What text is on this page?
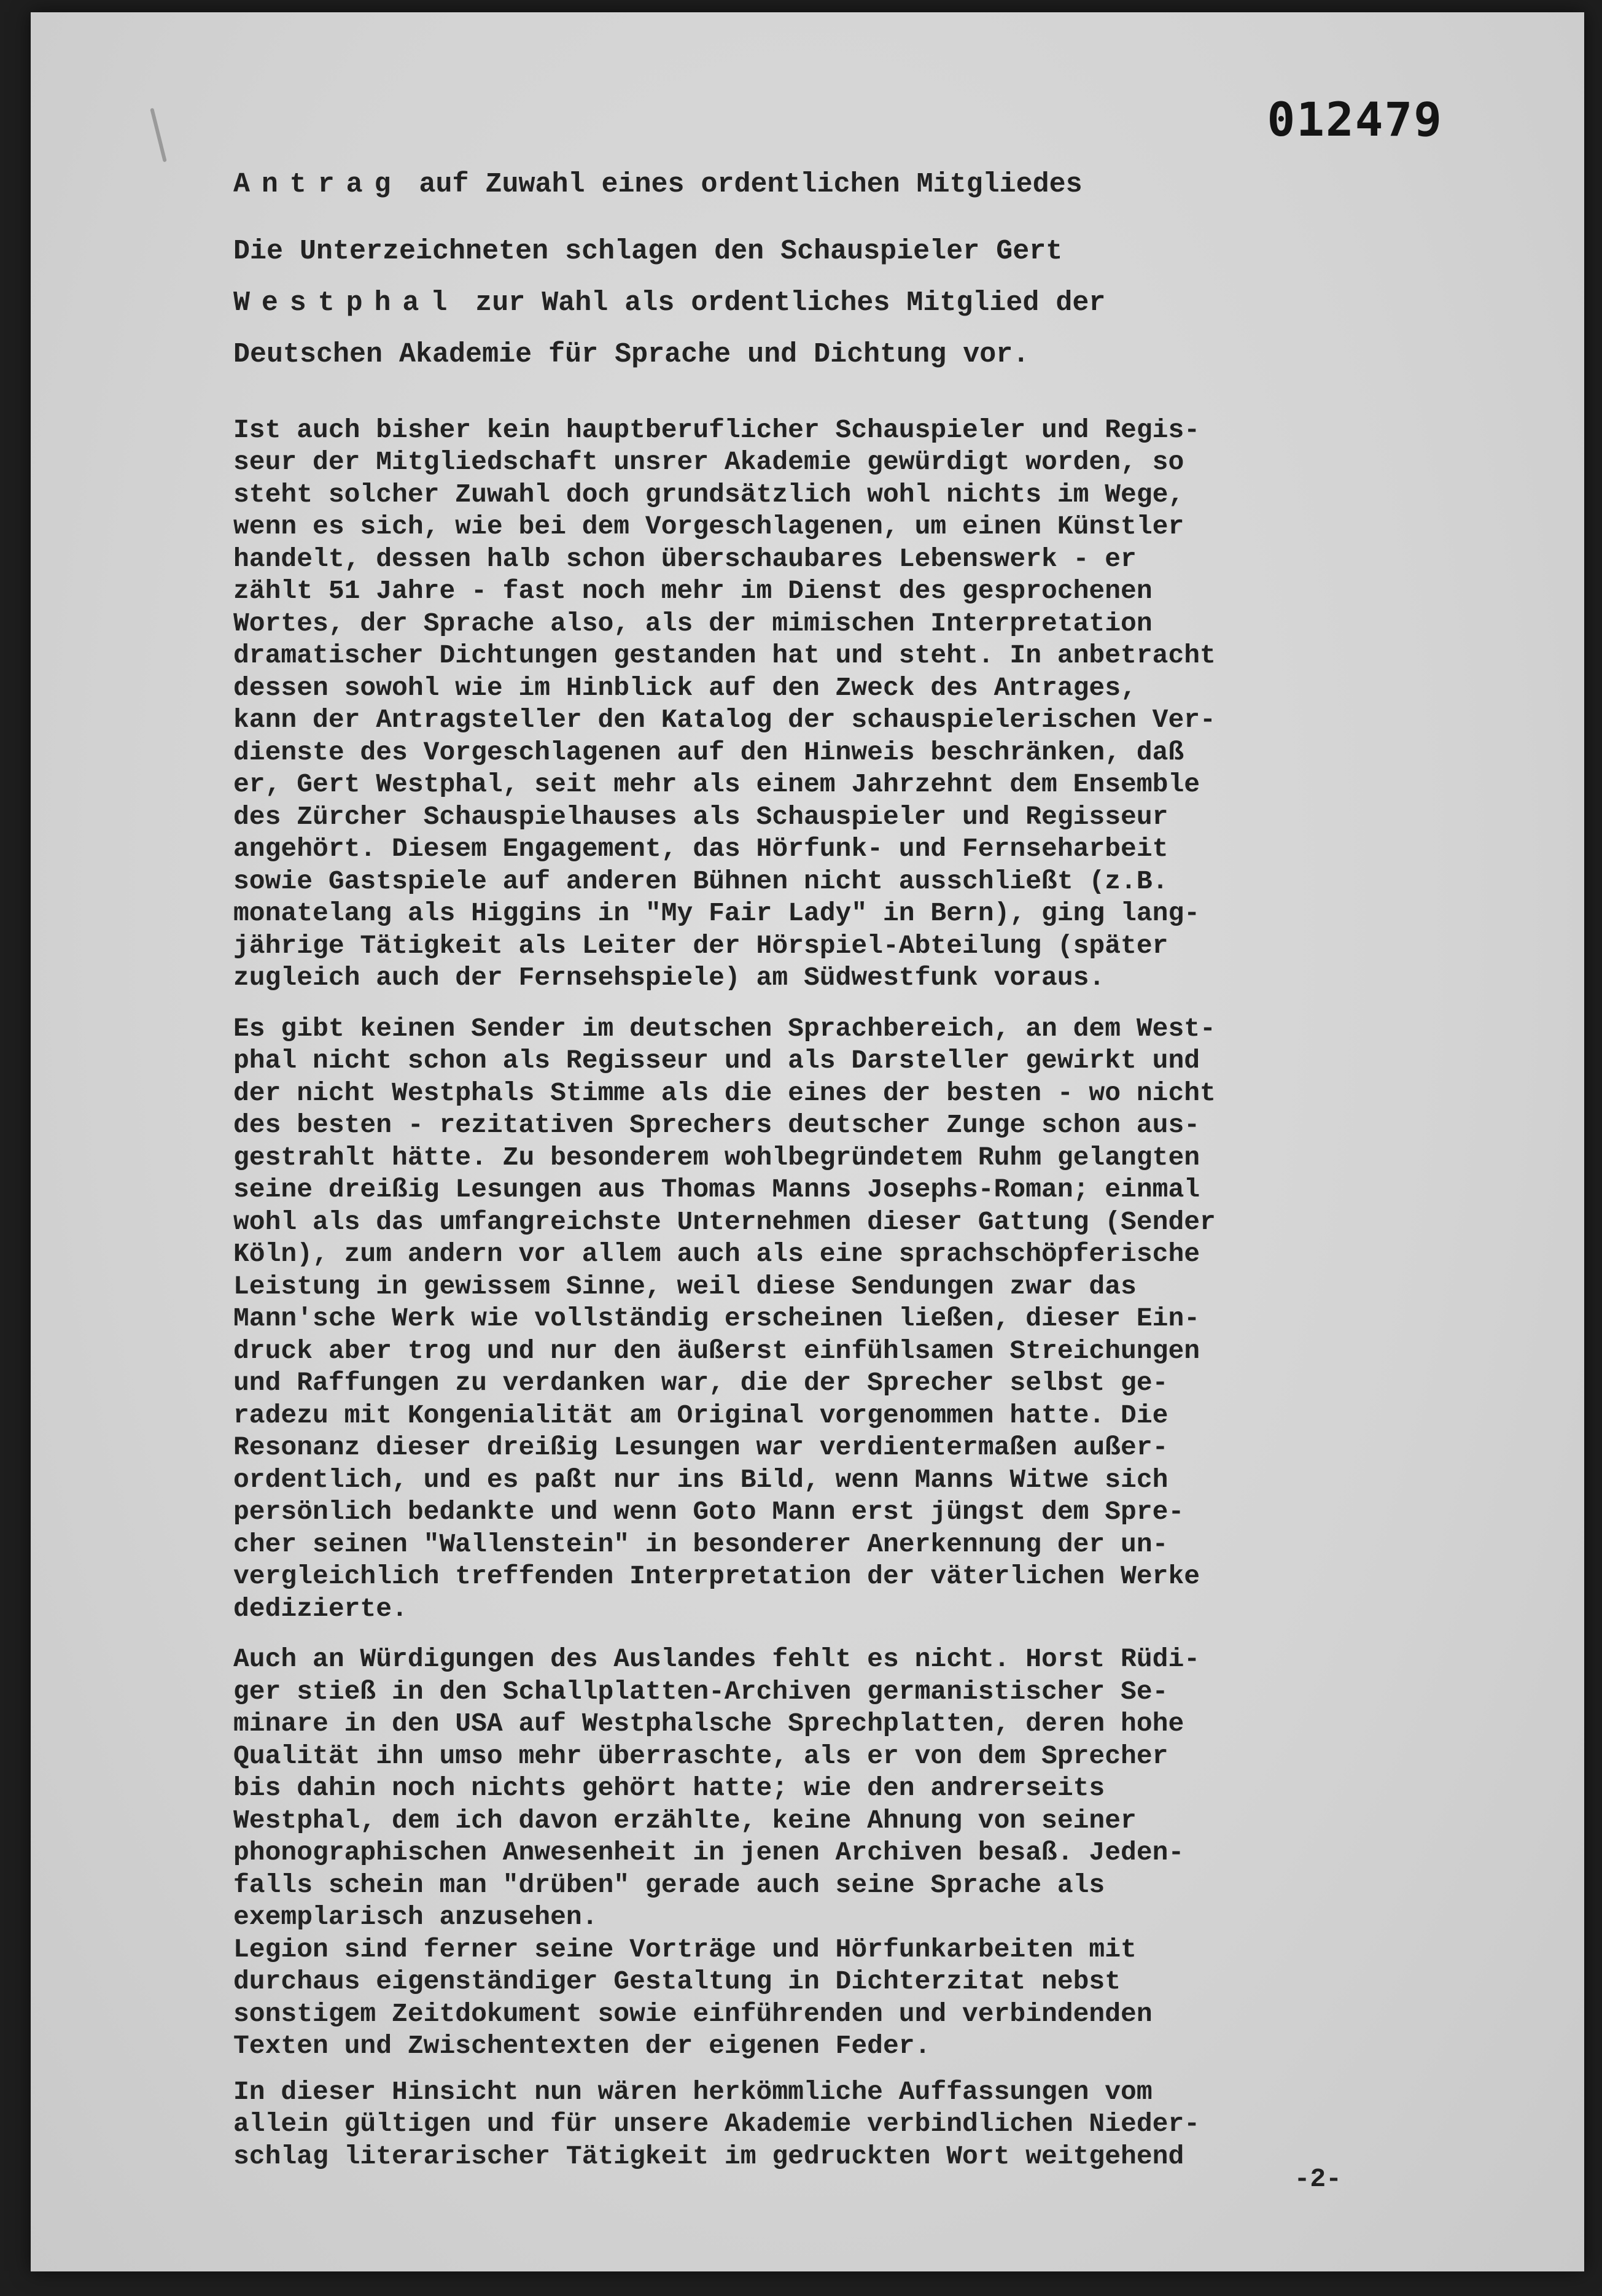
012479
Antrag auf Zuwahl eines ordentlichen Mitgliedes
Die Unterzeichneten schlagen den Schauspieler Gert
Westphal zur Wahl als ordentliches Mitglied der
Deutschen Akademie für Sprache und Dichtung vor.
Ist auch bisher kein hauptberuflicher Schauspieler und Regis-
seur der Mitgliedschaft unsrer Akademie gewürdigt worden, so
steht solcher Zuwahl doch grundsätzlich wohl nichts im Wege,
wenn es sich, wie bei dem Vorgeschlagenen, um einen Künstler
handelt, dessen halb schon überschaubares Lebenswerk - er
zählt 51 Jahre - fast noch mehr im Dienst des gesprochenen
Wortes, der Sprache also, als der mimischen Interpretation
dramatischer Dichtungen gestanden hat und steht. In anbetracht
dessen sowohl wie im Hinblick auf den Zweck des Antrages,
kann der Antragsteller den Katalog der schauspielerischen Ver-
dienste des Vorgeschlagenen auf den Hinweis beschränken, daß
er, Gert Westphal, seit mehr als einem Jahrzehnt dem Ensemble
des Zürcher Schauspielhauses als Schauspieler und Regisseur
angehört. Diesem Engagement, das Hörfunk- und Fernseharbeit
sowie Gastspiele auf anderen Bühnen nicht ausschließt (z.B.
monatelang als Higgins in "My Fair Lady" in Bern), ging lang-
jährige Tätigkeit als Leiter der Hörspiel-Abteilung (später
zugleich auch der Fernsehspiele) am Südwestfunk voraus.
Es gibt keinen Sender im deutschen Sprachbereich, an dem West-
phal nicht schon als Regisseur und als Darsteller gewirkt und
der nicht Westphals Stimme als die eines der besten - wo nicht
des besten - rezitativen Sprechers deutscher Zunge schon aus-
gestrahlt hätte. Zu besonderem wohlbegründetem Ruhm gelangten
seine dreißig Lesungen aus Thomas Manns Josephs-Roman; einmal
wohl als das umfangreichste Unternehmen dieser Gattung (Sender
Köln), zum andern vor allem auch als eine sprachschöpferische
Leistung in gewissem Sinne, weil diese Sendungen zwar das
Mann'sche Werk wie vollständig erscheinen ließen, dieser Ein-
druck aber trog und nur den äußerst einfühlsamen Streichungen
und Raffungen zu verdanken war, die der Sprecher selbst ge-
radezu mit Kongenialität am Original vorgenommen hatte. Die
Resonanz dieser dreißig Lesungen war verdientermaßen außer-
ordentlich, und es paßt nur ins Bild, wenn Manns Witwe sich
persönlich bedankte und wenn Goto Mann erst jüngst dem Spre-
cher seinen "Wallenstein" in besonderer Anerkennung der un-
vergleichlich treffenden Interpretation der väterlichen Werke
dedizierte.
Auch an Würdigungen des Auslandes fehlt es nicht. Horst Rüdi-
ger stieß in den Schallplatten-Archiven germanistischer Se-
minare in den USA auf Westphalsche Sprechplatten, deren hohe
Qualität ihn umso mehr überraschte, als er von dem Sprecher
bis dahin noch nichts gehört hatte; wie den andrerseits
Westphal, dem ich davon erzählte, keine Ahnung von seiner
phonographischen Anwesenheit in jenen Archiven besaß. Jeden-
falls schein man "drüben" gerade auch seine Sprache als
exemplarisch anzusehen.
Legion sind ferner seine Vorträge und Hörfunkarbeiten mit
durchaus eigenständiger Gestaltung in Dichterzitat nebst
sonstigem Zeitdokument sowie einführenden und verbindenden
Texten und Zwischentexten der eigenen Feder.
In dieser Hinsicht nun wären herkömmliche Auffassungen vom
allein gültigen und für unsere Akademie verbindlichen Nieder-
schlag literarischer Tätigkeit im gedruckten Wort weitgehend
-2-
